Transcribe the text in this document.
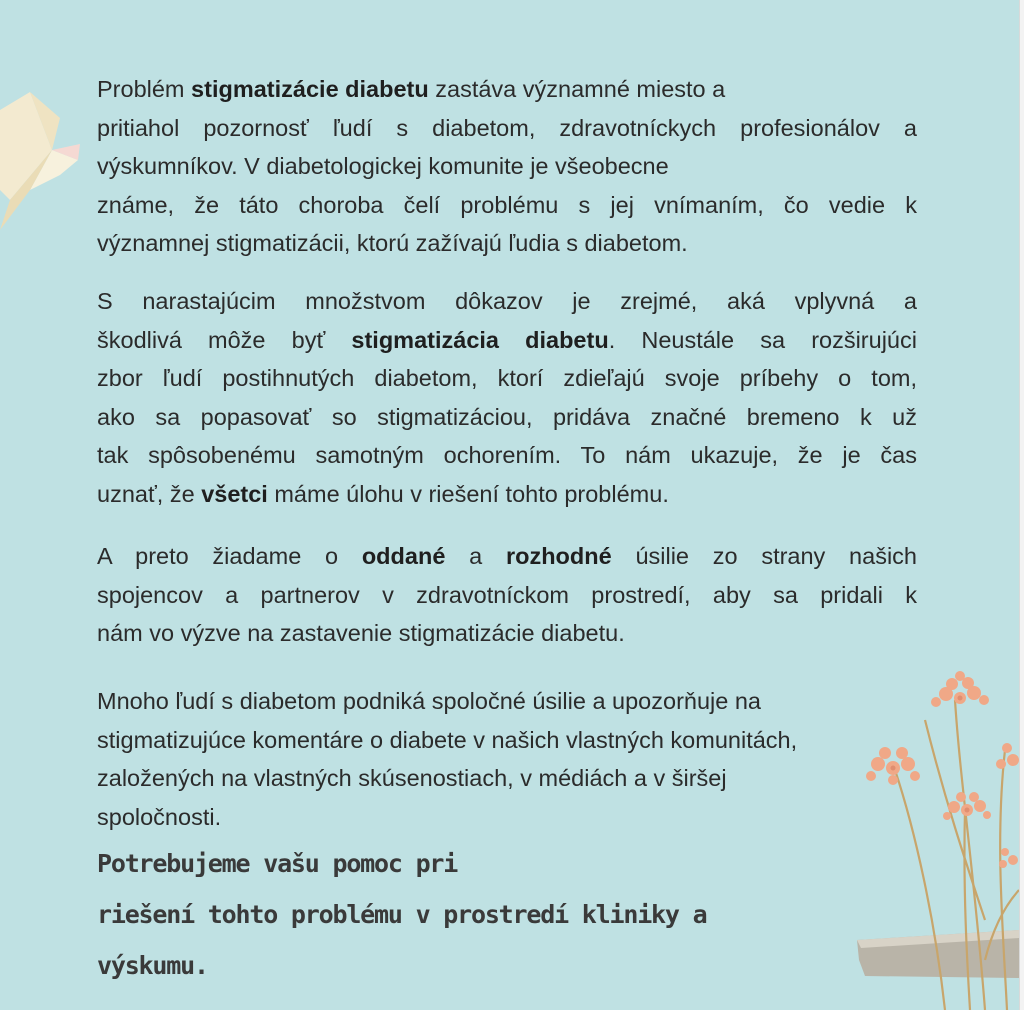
Problém stigmatizácie diabetu zastáva významné miesto a
pritiahol pozornosť ľudí s diabetom, zdravotníckych profesionálov a
výskumníkov. V diabetologickej komunite je všeobecne
známe, že táto choroba čelí problému s jej vnímaním, čo vedie k
významnej stigmatizácii, ktorú zažívajú ľudia s diabetom.
S narastajúcim množstvom dôkazov je zrejmé, aká vplyvná a
škodlivá môže byť stigmatizácia diabetu. Neustále sa rozširujúci
zbor ľudí postihnutých diabetom, ktorí zdieľajú svoje príbehy o tom,
ako sa popasovať so stigmatizáciou, pridáva značné bremeno k už
tak spôsobenému samotným ochorením. To nám ukazuje, že je čas
uznať, že všetci máme úlohu v riešení tohto problému.
A preto žiadame o oddané a rozhodné úsilie zo strany našich
spojencov a partnerov v zdravotníckom prostredí, aby sa pridali k
nám vo výzve na zastavenie stigmatizácie diabetu.
Mnoho ľudí s diabetom podniká spoločné úsilie a upozorňuje na
stigmatizujúce komentáre o diabete v našich vlastných komunitách,
založených na vlastných skúsenostiach, v médiách a v širšej
spoločnosti.
Potrebujeme vašu pomoc pri
riešení tohto problému v prostredí kliniky a
výskumu.
